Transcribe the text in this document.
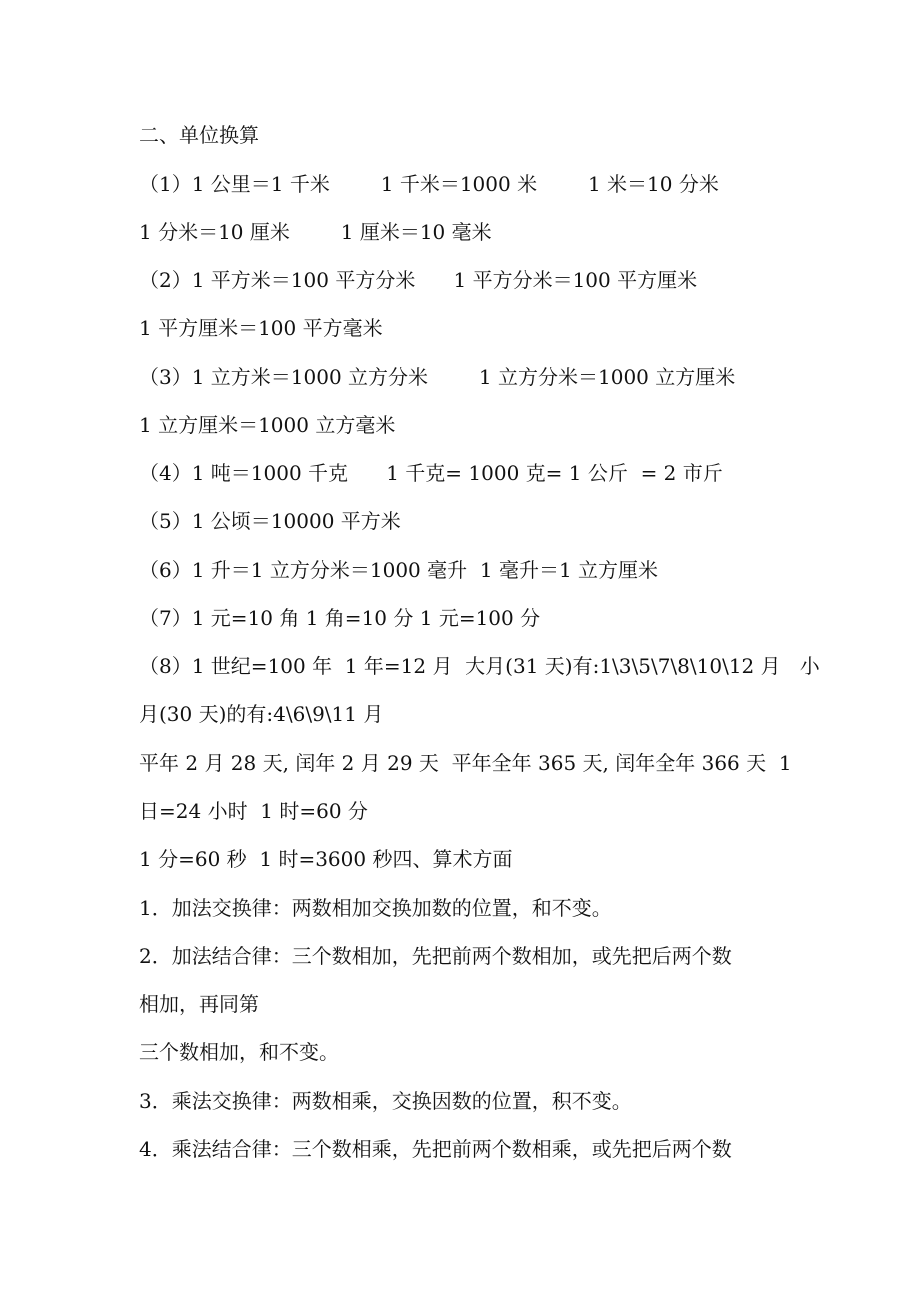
二、单位换算
（1）1 公里＝1 千米        1 千米＝1000 米        1 米＝10 分米
1 分米＝10 厘米        1 厘米＝10 毫米
（2）1 平方米＝100 平方分米      1 平方分米＝100 平方厘米
1 平方厘米＝100 平方毫米
（3）1 立方米＝1000 立方分米        1 立方分米＝1000 立方厘米
1 立方厘米＝1000 立方毫米
（4）1 吨＝1000 千克      1 千克= 1000 克= 1 公斤  = 2 市斤
（5）1 公顷＝10000 平方米
（6）1 升＝1 立方分米＝1000 毫升  1 毫升＝1 立方厘米
（7）1 元=10 角 1 角=10 分 1 元=100 分
（8）1 世纪=100 年  1 年=12 月  大月(31 天)有:1\3\5\7\8\10\12 月   小
月(30 天)的有:4\6\9\11 月
平年 2 月 28 天, 闰年 2 月 29 天  平年全年 365 天, 闰年全年 366 天  1
日=24 小时  1 时=60 分
1 分=60 秒  1 时=3600 秒四、算术方面
1．加法交换律：两数相加交换加数的位置，和不变。
2．加法结合律：三个数相加，先把前两个数相加，或先把后两个数
相加，再同第
三个数相加，和不变。
3．乘法交换律：两数相乘，交换因数的位置，积不变。
4．乘法结合律：三个数相乘，先把前两个数相乘，或先把后两个数
